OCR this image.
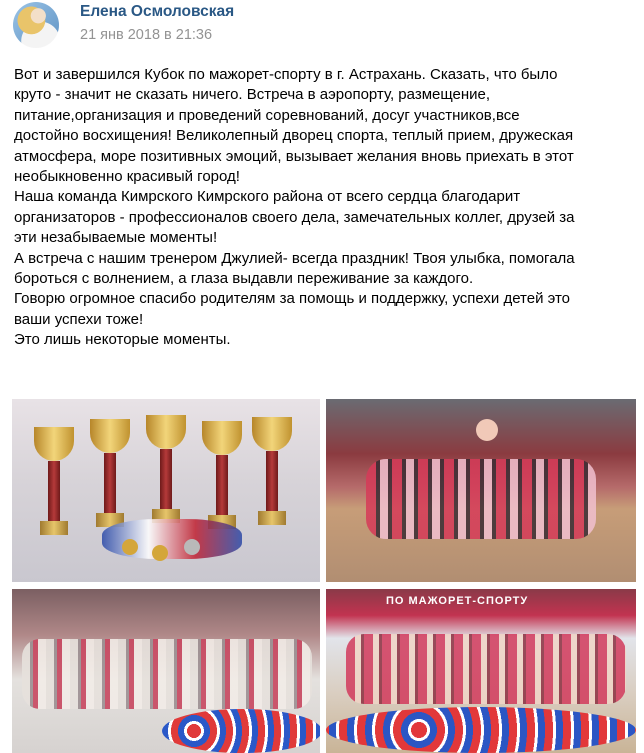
Елена Осмоловская
21 янв 2018 в 21:36

Вот и завершился Кубок по мажорет-спорту в г. Астрахань. Сказать, что было

круто - значит не сказать ничего. Встреча в аэропорту, размещение,

питание,организация и проведений соревнований, досуг участников,все

достойно восхищения! Великолепный дворец спорта, теплый прием, дружеская

атмосфера, море позитивных эмоций, вызывает желания вновь приехать в этот

необыкновенно красивый город!

Наша команда Кимрского Кимрского района от всего сердца благодарит

организаторов - профессионалов своего дела, замечательных коллег, друзей за

эти незабываемые моменты!

А встреча с нашим тренером Джулией- всегда праздник! Твоя улыбка, помогала

бороться с волнением, а глаза выдавли переживание за каждого.

Говорю огромное спасибо родителям за помощь и поддержку, успехи детей это

ваши успехи тоже!

Это лишь некоторые моменты.

ПО МАЖОРЕТ-СПОРТУ
